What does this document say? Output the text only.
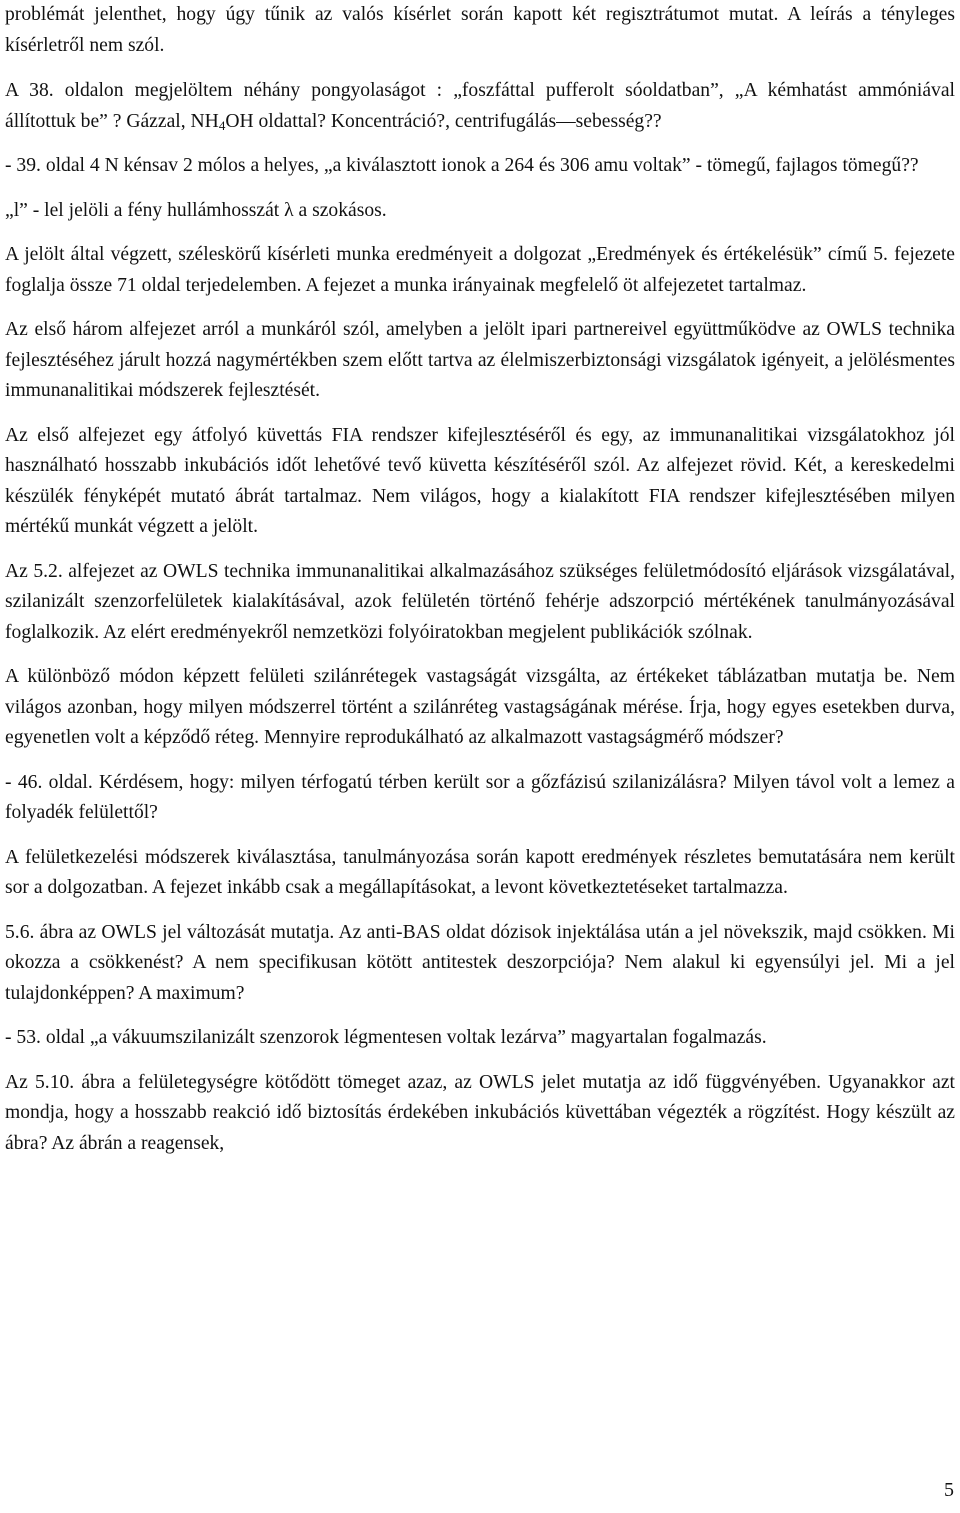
problémát jelenthet, hogy úgy tűnik az valós kísérlet során kapott két regisztrátumot mutat. A leírás a tényleges kísérletről nem szól.

A 38. oldalon megjelöltem néhány pongyolaságot : „foszfáttal pufferolt sóoldatban”, „A kémhatást ammóniával állítottuk be” ? Gázzal, $NH_4OH$ oldattal? Koncentráció?, centrifugálás—sebesség??

- 39. oldal 4 N kénsav 2 mólos a helyes, „a kiválasztott ionok a 264 és 306 amu voltak” - tömegű, fajlagos tömegű??

„l” - lel jelöli a fény hullámhosszát λ a szokásos.

A jelölt által végzett, széleskörű kísérleti munka eredményeit a dolgozat „Eredmények és értékelésük” című 5. fejezete foglalja össze 71 oldal terjedelemben. A fejezet a munka irányainak megfelelő öt alfejezetet tartalmaz.

Az első három alfejezet arról a munkáról szól, amelyben a jelölt ipari partnereivel együttműködve az OWLS technika fejlesztéséhez járult hozzá nagymértékben szem előtt tartva az élelmiszerbiztonsági vizsgálatok igényeit, a jelölésmentes immunanalitikai módszerek fejlesztését.

Az első alfejezet egy átfolyó küvettás FIA rendszer kifejlesztéséről és egy, az immunanalitikai vizsgálatokhoz jól használható hosszabb inkubációs időt lehetővé tevő küvetta készítéséről szól. Az alfejezet rövid. Két, a kereskedelmi készülék fényképét mutató ábrát tartalmaz. Nem világos, hogy a kialakított FIA rendszer kifejlesztésében milyen mértékű munkát végzett a jelölt.

Az 5.2. alfejezet az OWLS technika immunanalitikai alkalmazásához szükséges felületmódosító eljárások vizsgálatával, szilanizált szenzorfelületek kialakításával, azok felületén történő fehérje adszorpció mértékének tanulmányozásával foglalkozik. Az elért eredményekről nemzetközi folyóiratokban megjelent publikációk szólnak.

A különböző módon képzett felületi szilánrétegek vastagságát vizsgálta, az értékeket táblázatban mutatja be. Nem világos azonban, hogy milyen módszerrel történt a szilánréteg vastagságának mérése. Írja, hogy egyes esetekben durva, egyenetlen volt a képződő réteg. Mennyire reprodukálható az alkalmazott vastagságmérő módszer?

- 46. oldal. Kérdésem, hogy: milyen térfogatú térben került sor a gőzfázisú szilanizálásra? Milyen távol volt a lemez a folyadék felülettől?

A felületkezelési módszerek kiválasztása, tanulmányozása során kapott eredmények részletes bemutatására nem került sor a dolgozatban. A fejezet inkább csak a megállapításokat, a levont következtetéseket tartalmazza.

5.6. ábra az OWLS jel változását mutatja. Az anti-BAS oldat dózisok injektálása után a jel növekszik, majd csökken. Mi okozza a csökkenést? A nem specifikusan kötött antitestek deszorpciója? Nem alakul ki egyensúlyi jel. Mi a jel tulajdonképpen? A maximum?

- 53. oldal „a vákuumszilanizált szenzorok légmentesen voltak lezárva” magyartalan fogalmazás.

Az 5.10. ábra a felületegységre kötődött tömeget azaz, az OWLS jelet mutatja az idő függvényében. Ugyanakkor azt mondja, hogy a hosszabb reakció idő biztosítás érdekében inkubációs küvettában végezték a rögzítést. Hogy készült az ábra? Az ábrán a reagensek,

5
